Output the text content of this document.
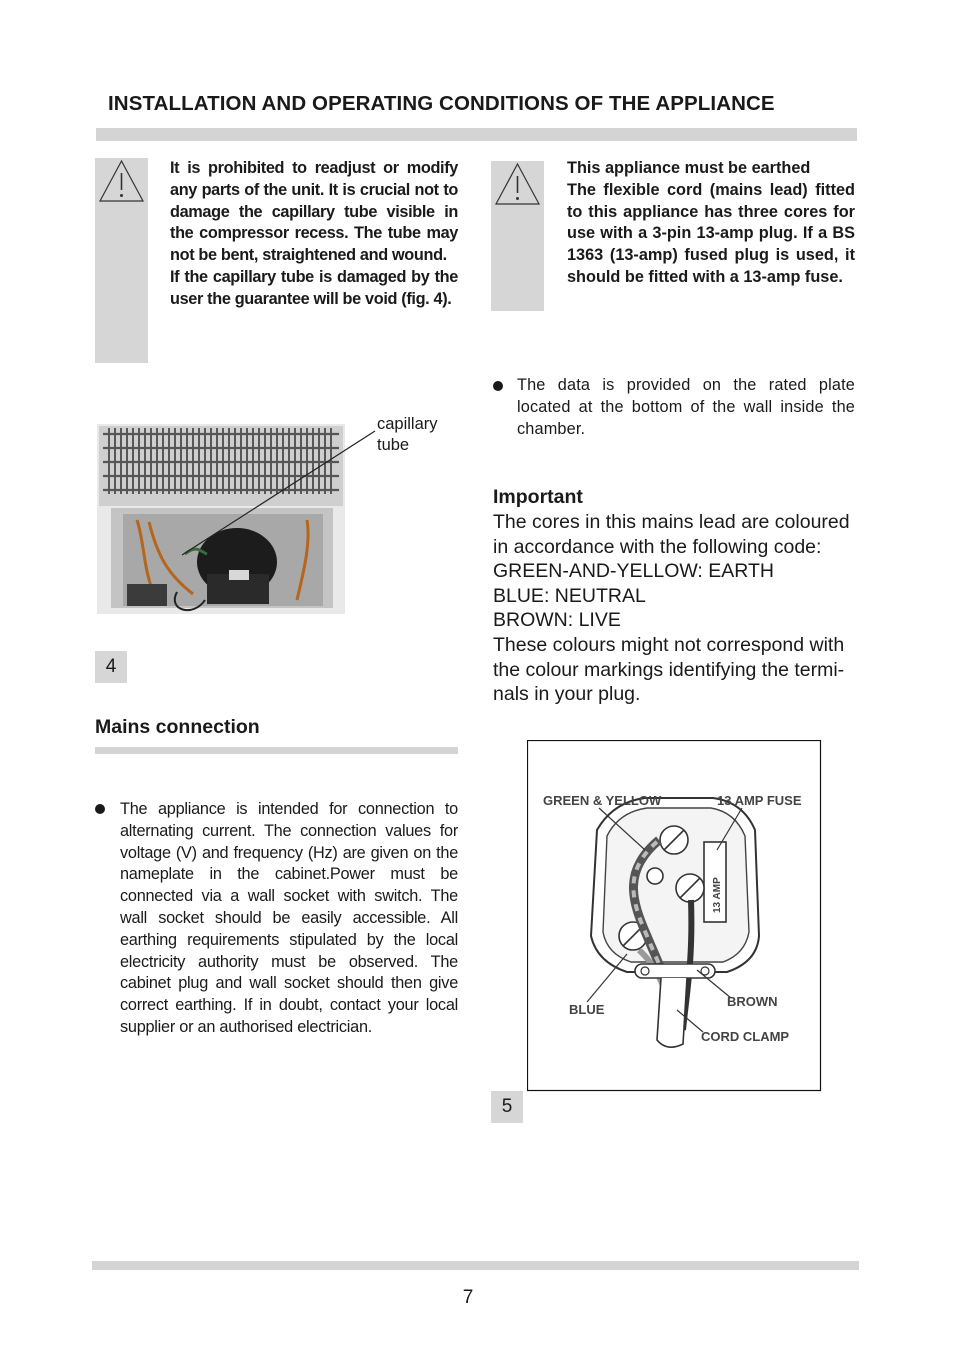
INSTALLATION AND OPERATING CONDITIONS OF THE APPLIANCE

It is prohibited to readjust or modify any parts of the unit. It is crucial not to damage the capillary tube visible in the compressor recess. The tube may not be bent, straightened and wound.

If the capillary tube is damaged by the user the guarantee will be void (fig. 4).

This appliance must be earthed

The flexible cord (mains lead) fitted to this appliance has three cores for use with a 3-pin 13-amp plug. If a BS 1363 (13-amp) fused plug is used, it should be fitted with a 13-amp fuse.

capillary tube
4
The data is provided on the rated plate located at the bottom of the wall inside the chamber.
Important
The cores in this mains lead are coloured in accordance with the following code:
GREEN-AND-YELLOW: EARTH
BLUE: NEUTRAL
BROWN: LIVE
These colours might not correspond with the colour markings identifying the termi-nals in your plug.
Mains connection
The appliance is intended for connection to alternating current. The connection values for voltage (V) and frequency (Hz) are given on the nameplate in the cabinet.Power must be connected via a wall socket with switch. The wall socket should be easily accessible. All earthing requirements stipulated by the local electricity authority must be observed. The cabinet plug and wall socket should then give correct earthing. If in doubt, contact your local supplier or an authorised electrician.
13 AMP
GREEN & YELLOW	13 AMP FUSE
BLUE
BROWN
CORD CLAMP
5
7
